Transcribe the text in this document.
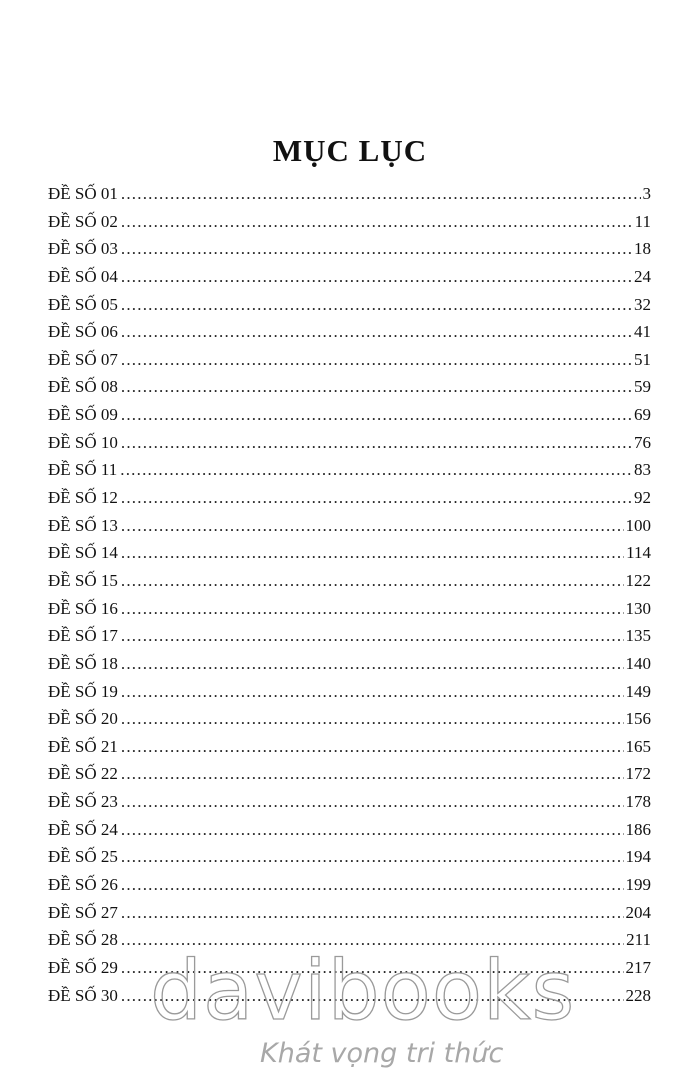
MỤC LỤC
ĐỀ SỐ 01 .....	3
ĐỀ SỐ 02 .....	11
ĐỀ SỐ 03 .....	18
ĐỀ SỐ 04 .....	24
ĐỀ SỐ 05 .....	32
ĐỀ SỐ 06 .....	41
ĐỀ SỐ 07 .....	51
ĐỀ SỐ 08 .....	59
ĐỀ SỐ 09 .....	69
ĐỀ SỐ 10 .....	76
ĐỀ SỐ 11 .....	83
ĐỀ SỐ 12 .....	92
ĐỀ SỐ 13 .....	100
ĐỀ SỐ 14 .....	114
ĐỀ SỐ 15 .....	122
ĐỀ SỐ 16 .....	130
ĐỀ SỐ 17 .....	135
ĐỀ SỐ 18 .....	140
ĐỀ SỐ 19 .....	149
ĐỀ SỐ 20 .....	156
ĐỀ SỐ 21 .....	165
ĐỀ SỐ 22 .....	172
ĐỀ SỐ 23 .....	178
ĐỀ SỐ 24 .....	186
ĐỀ SỐ 25 .....	194
ĐỀ SỐ 26 .....	199
ĐỀ SỐ 27 .....	204
ĐỀ SỐ 28 .....	211
ĐỀ SỐ 29 .....	217
ĐỀ SỐ 30 .....	228
davibooks
Khát vọng tri thức
